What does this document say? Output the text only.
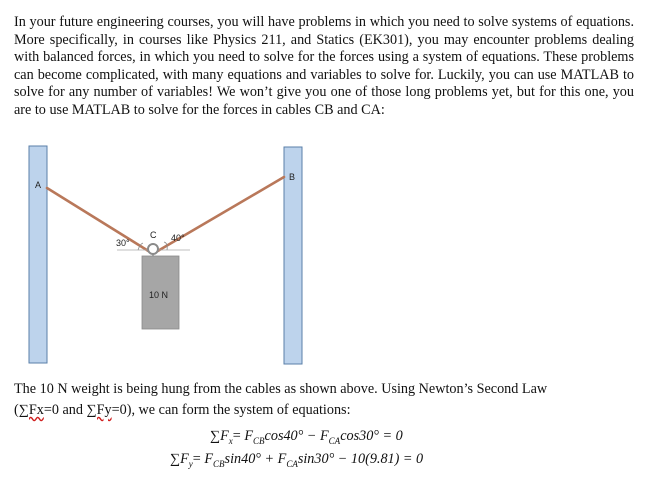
In your future engineering courses, you will have problems in which you need to solve systems of equations. More specifically, in courses like Physics 211, and Statics (EK301), you may encounter problems dealing with balanced forces, in which you need to solve for the forces using a system of equations. These problems can become complicated, with many equations and variables to solve for. Luckily, you can use MATLAB to solve for any number of variables! We won’t give you one of those long problems yet, but for this one, you are to use MATLAB to solve for the forces in cables CB and CA:

A
B
C
30°	40°
10 N
The 10 N weight is being hung from the cables as shown above. Using Newton’s Second Law
(∑Fx=0 and ∑Fy=0), we can form the system of equations:
$\sum F_x= F_{CB}\cos 40^\circ - F_{CA}\cos 30^\circ = 0$
$\sum F_y= F_{CB}\sin 40^\circ + F_{CA}\sin 30^\circ - 10(9.81) = 0$
